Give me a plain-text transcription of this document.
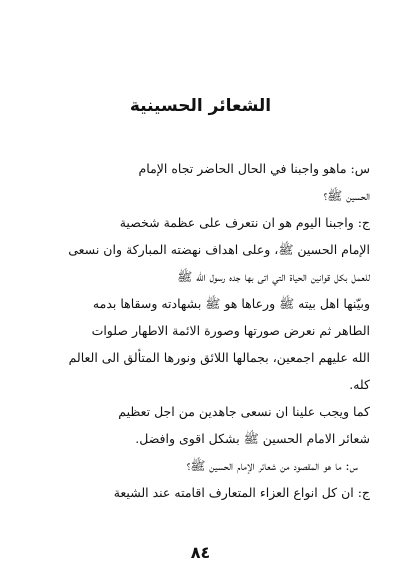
الشعائر الحسينية
س: ماهو واجبنا في الحال الحاضر تجاه الإمام
الحسين ﷺ؟
ج: واجبنا اليوم هو ان نتعرف على عظمة شخصية
الإمام الحسين ﷺ، وعلى اهداف نهضته المباركة وان نسعى
للعمل بكل قوانين الحياة التي اتى بها جده رسول الله ﷺ
وبيّنها اهل بيته ﷺ ورعاها هو ﷺ بشهادته وسقاها بدمه
الطاهر ثم نعرض صورتها وصورة الائمة الاطهار صلوات
الله عليهم اجمعين، بجمالها اللائق ونورها المتألق الى العالم
كله.
كما ويجب علينا ان نسعى جاهدين من اجل تعظيم
شعائر الامام الحسين ﷺ بشكل اقوى وافضل.
س: ما هو المقصود من شعائر الإمام الحسين ﷺ؟
ج: ان كل انواع العزاء المتعارف اقامته عند الشيعة
٨٤
